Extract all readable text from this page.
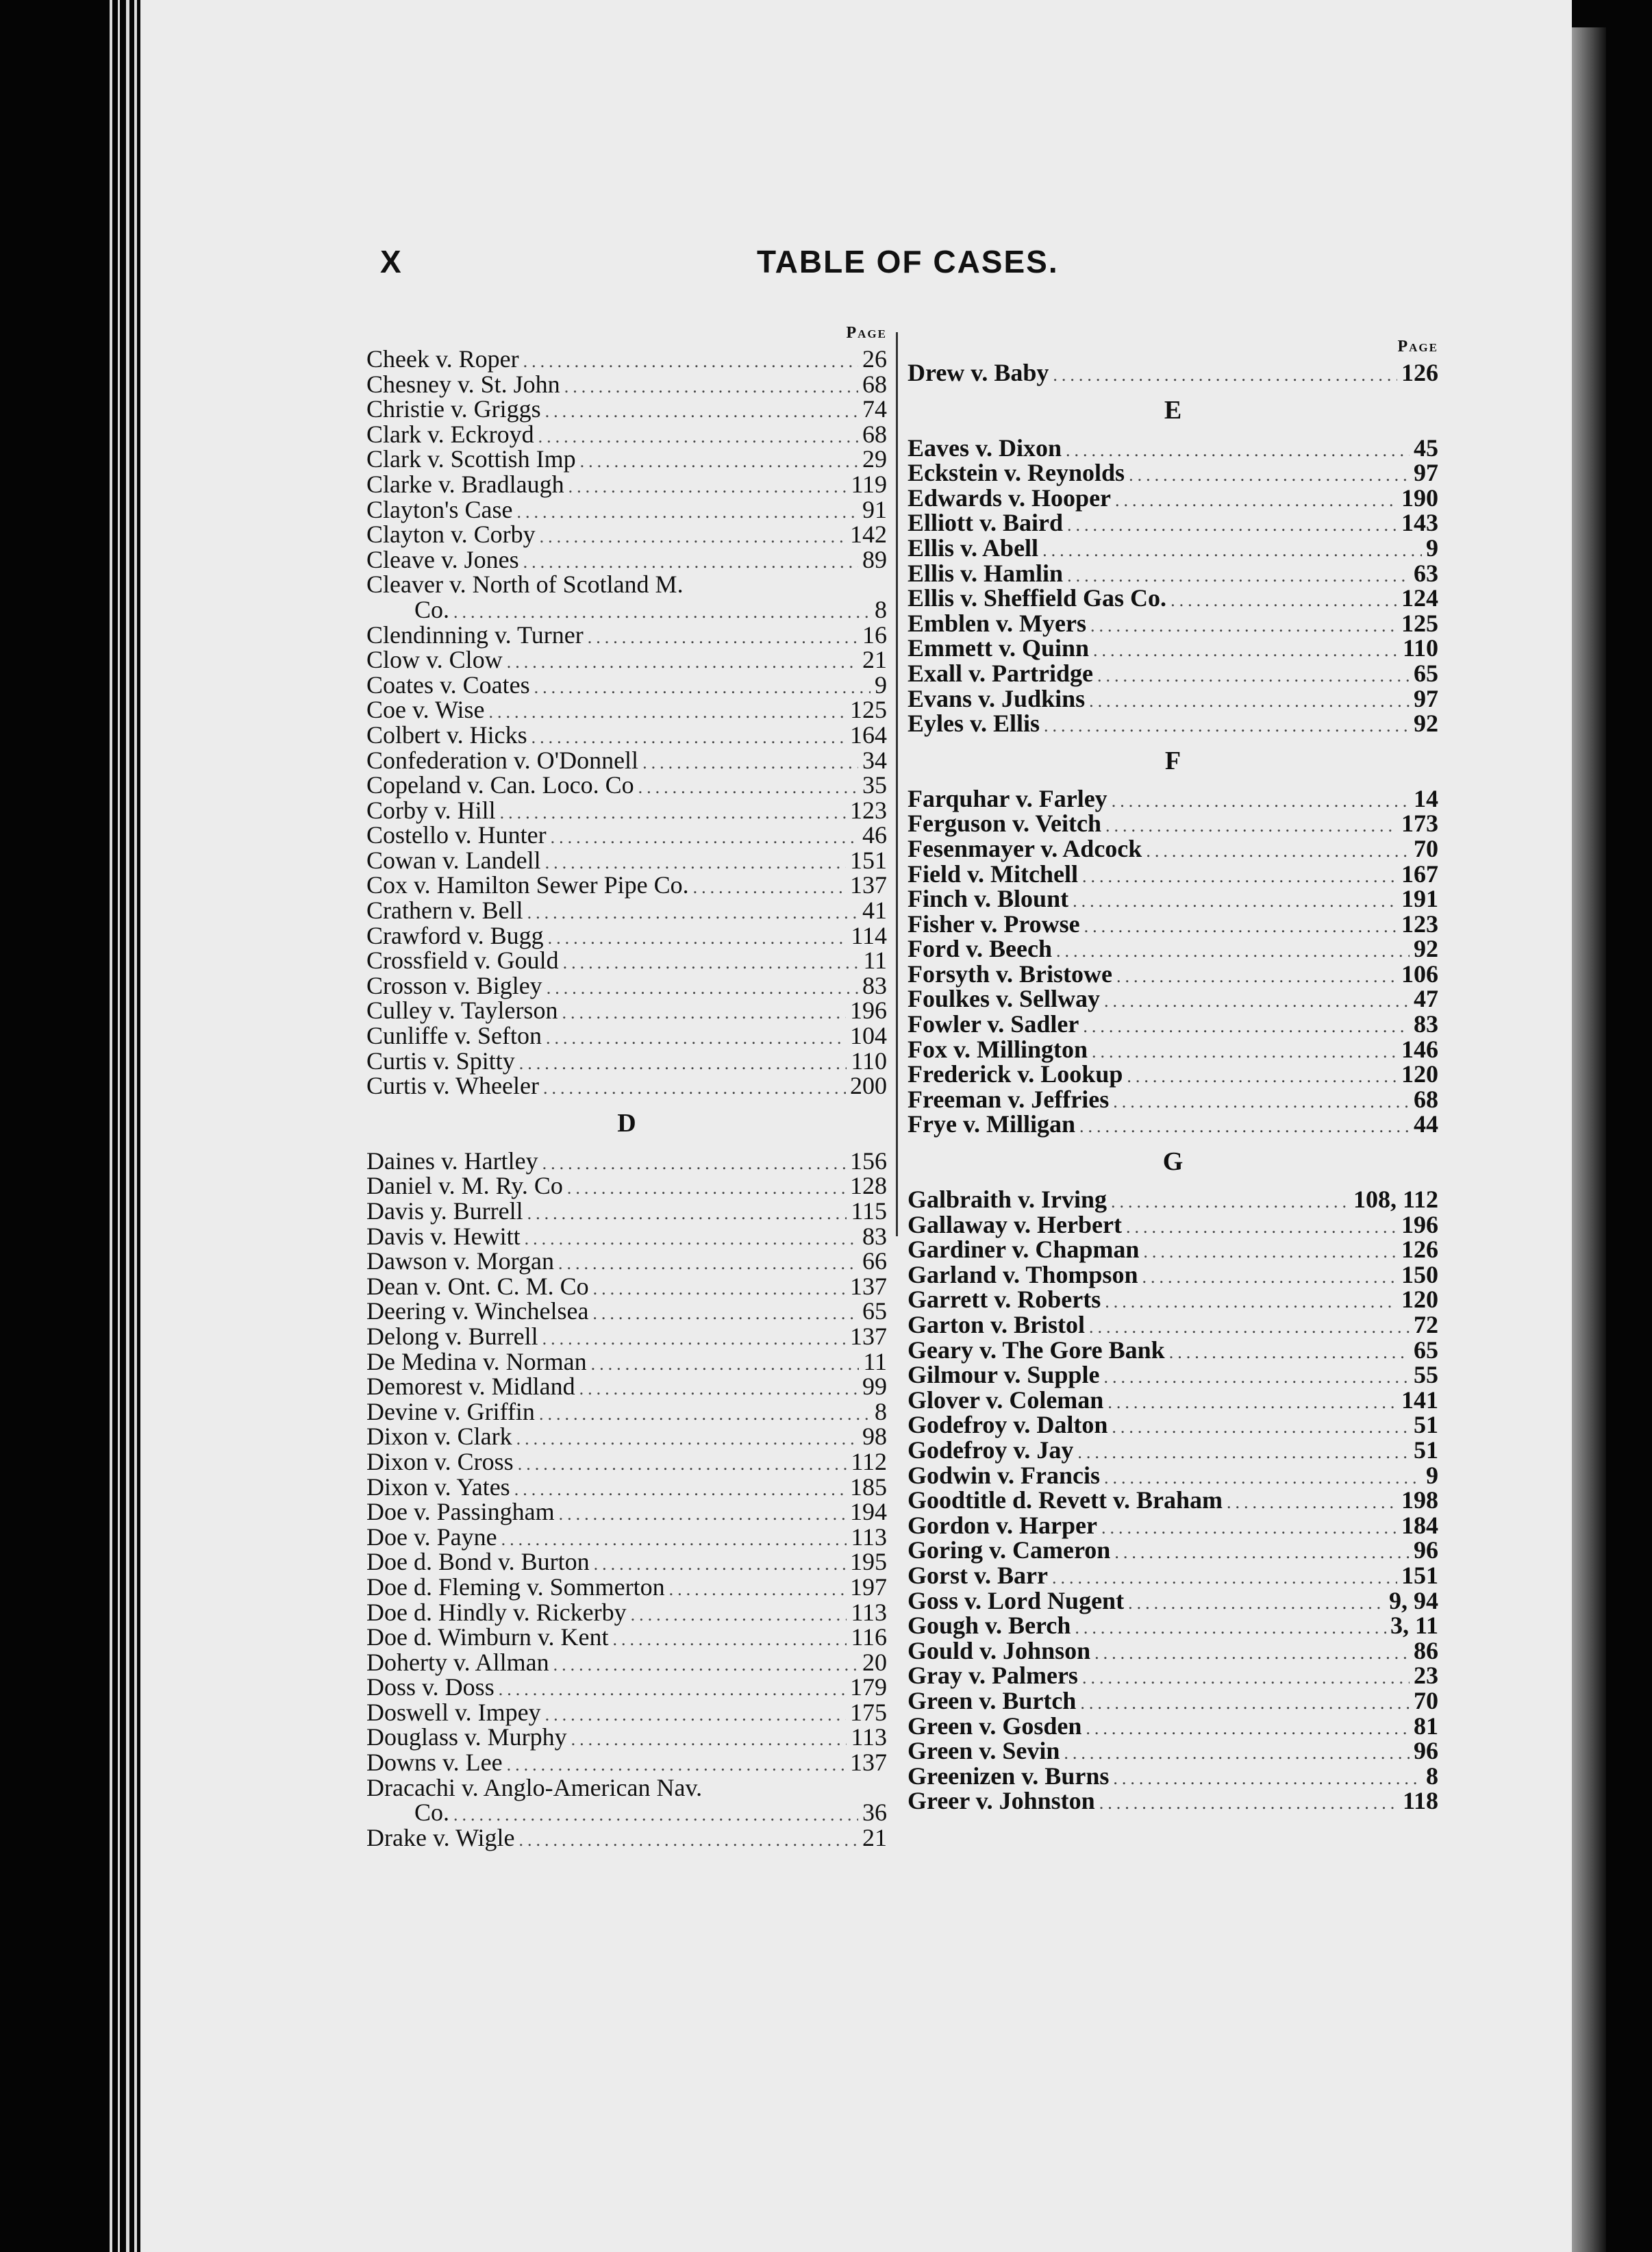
X	TABLE OF CASES.
Page
Cheek v. Roper .....	26
Chesney v. St. John .....	68
Christie v. Griggs .....	74
Clark v. Eckroyd .....	68
Clark v. Scottish Imp .....	29
Clarke v. Bradlaugh .....	119
Clayton's Case .....	91
Clayton v. Corby .....	142
Cleave v. Jones .....	89
Cleaver v. North of Scotland M.
Co. .....	8
Clendinning v. Turner .....	16
Clow v. Clow .....	21
Coates v. Coates .....	9
Coe v. Wise .....	125
Colbert v. Hicks .....	164
Confederation v. O'Donnell .....	34
Copeland v. Can. Loco. Co .....	35
Corby v. Hill .....	123
Costello v. Hunter .....	46
Cowan v. Landell .....	151
Cox v. Hamilton Sewer Pipe Co. .....	137
Crathern v. Bell .....	41
Crawford v. Bugg .....	114
Crossfield v. Gould .....	11
Crosson v. Bigley .....	83
Culley v. Taylerson .....	196
Cunliffe v. Sefton .....	104
Curtis v. Spitty .....	110
Curtis v. Wheeler .....	200
D
Daines v. Hartley .....	156
Daniel v. M. Ry. Co .....	128
Davis y. Burrell .....	115
Davis v. Hewitt .....	83
Dawson v. Morgan .....	66
Dean v. Ont. C. M. Co .....	137
Deering v. Winchelsea .....	65
Delong v. Burrell .....	137
De Medina v. Norman .....	11
Demorest v. Midland .....	99
Devine v. Griffin .....	8
Dixon v. Clark .....	98
Dixon v. Cross .....	112
Dixon v. Yates .....	185
Doe v. Passingham .....	194
Doe v. Payne .....	113
Doe d. Bond v. Burton .....	195
Doe d. Fleming v. Sommerton .....	197
Doe d. Hindly v. Rickerby .....	113
Doe d. Wimburn v. Kent .....	116
Doherty v. Allman .....	20
Doss v. Doss .....	179
Doswell v. Impey .....	175
Douglass v. Murphy .....	113
Downs v. Lee .....	137
Dracachi v. Anglo-American Nav.
Co. .....	36
Drake v. Wigle .....	21
Page
Drew v. Baby .....	126
E
Eaves v. Dixon .....	45
Eckstein v. Reynolds .....	97
Edwards v. Hooper .....	190
Elliott v. Baird .....	143
Ellis v. Abell .....	9
Ellis v. Hamlin .....	63
Ellis v. Sheffield Gas Co. .....	124
Emblen v. Myers .....	125
Emmett v. Quinn .....	110
Exall v. Partridge .....	65
Evans v. Judkins .....	97
Eyles v. Ellis .....	92
F
Farquhar v. Farley .....	14
Ferguson v. Veitch .....	173
Fesenmayer v. Adcock .....	70
Field v. Mitchell .....	167
Finch v. Blount .....	191
Fisher v. Prowse .....	123
Ford v. Beech .....	92
Forsyth v. Bristowe .....	106
Foulkes v. Sellway .....	47
Fowler v. Sadler .....	83
Fox v. Millington .....	146
Frederick v. Lookup .....	120
Freeman v. Jeffries .....	68
Frye v. Milligan .....	44
G
Galbraith v. Irving .....	108, 112
Gallaway v. Herbert .....	196
Gardiner v. Chapman .....	126
Garland v. Thompson .....	150
Garrett v. Roberts .....	120
Garton v. Bristol .....	72
Geary v. The Gore Bank .....	65
Gilmour v. Supple .....	55
Glover v. Coleman .....	141
Godefroy v. Dalton .....	51
Godefroy v. Jay .....	51
Godwin v. Francis .....	9
Goodtitle d. Revett v. Braham .....	198
Gordon v. Harper .....	184
Goring v. Cameron .....	96
Gorst v. Barr .....	151
Goss v. Lord Nugent .....	9, 94
Gough v. Berch .....	3, 11
Gould v. Johnson .....	86
Gray v. Palmers .....	23
Green v. Burtch .....	70
Green v. Gosden .....	81
Green v. Sevin .....	96
Greenizen v. Burns .....	8
Greer v. Johnston .....	118
